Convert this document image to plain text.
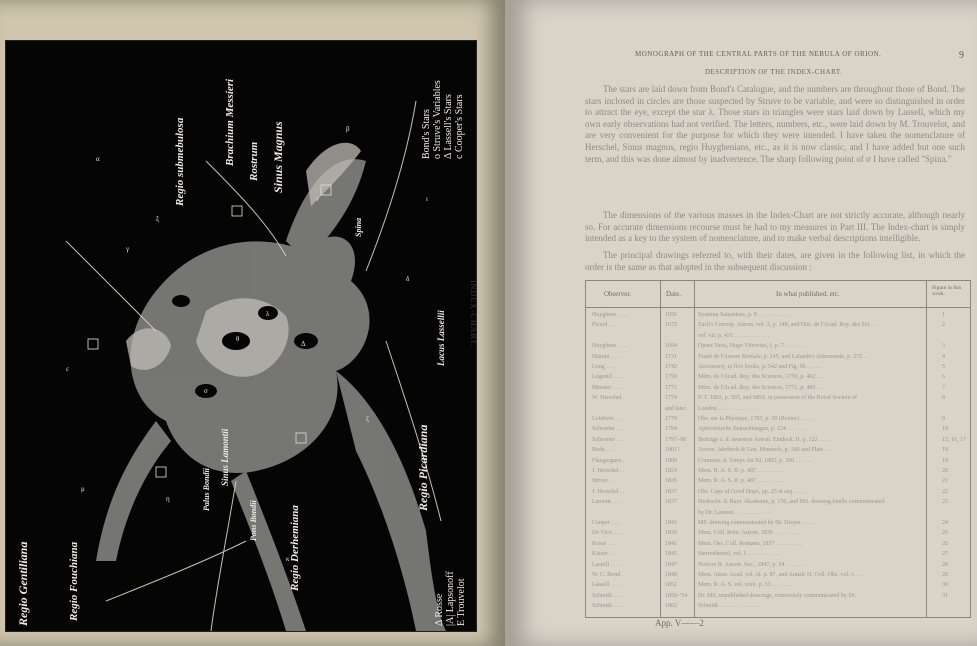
θ
λ
Δ
σ
α
β
γ
δ
ε
ζ
η
ι
κ
μ
ν
ξ
Regio Gentiliana	Regio Fouchiana
Brachium Messieri
Regio submebulosa	Sinus Magnus
Rostrum
Regio Picardiana
Regio Derhemiana
Lacus Lassellii
Sinus Lamontii
Palus Bondii
Pons Bondii
Spina
Bond's Stars o Struve's Variables Δ Lassell's Stars c Cooper's Stars
Δ Rosse |A| Lapsonoff E Trouvelot
INDEX-CHART.
MONOGRAPH OF THE CENTRAL PARTS OF THE NEBULA OF ORION.	9
DESCRIPTION OF THE INDEX-CHART.
The stars are laid down from Bond's Catalogue, and the numbers are throughout those of Bond. The stars inclosed in circles are those suspected by Struve to be variable, and were so distinguished in order to attract the eye, except the star λ. Those stars in triangles were stars laid down by Lassell, which my own early observations had not verified. The letters, numbers, etc., were laid down by M. Trouvelot, and are very convenient for the purpose for which they were intended. I have taken the nomenclature of Herschel, Sinus magnus, regio Huyghenians, etc., as it is now classic, and I have added but one such term, and this was done almost by inadvertence. The sharp following point of σ I have called "Spina."
The dimensions of the various masses in the Index-Chart are not strictly accurate, although nearly so. For accurate dimensions recourse must be had to my measures in Part III. The Index-chart is simply intended as a key to the system of nomenclature, and to make verbal descriptions intelligible.
The principal drawings referred to, with their dates, are given in the following list, in which the order is the same as that adopted in the subsequent discussion :
Observer.	Date.	In what published, etc.
Figure in this work.
Huyghens . . . .	1656	Systema Saturnium, p. 8 . . . . . . . . . . . .	1
Picard . . . .	1673	Zach's Corresp. Astron. vol. 3, p. 148, and Hist. de l'Acad. Roy. des Sci. . .	2
vol. vii. p. 431 . . . . . . . . . . . .
Huyghens . . . .	1694	Opera Varia, Hugo Vitruvius, I, p. 7 . . . . . . .	3
Mairan . . . .	1731	Traité de l'Aurore Boréale, p. 245, and Lalande's Astronomie, p. 272 . .	4
Long . . . .	1742	Astronomy, in five books, p. 542 and Fig. 96 . . . . .	5
Legentil . . . .	1758	Mém. de l'Acad. Roy. des Sciences, 1759, p. 462 . . . .	6
Messier . . . .	1771	Mém. de l'Acad. Roy. des Sciences, 1771, p. 460 . . . .	7
W. Herschel . .	1774	P. T. 1802, p. 503, and MSS. in possession of the Royal Society of	8
and later. London . . . . . . . . . . . . . .
Lefebvre . . . .	1779	Obs. sur la Physique, 1783, p. 30 (Rozier) . . . . . .	9
Schroeter . . .	1794	Aphoristische Betrachtungen, p. 124 . . . . . . .	10
Schroeter . . .	1797–98 Beiträge z. d. neuesten Astron. Entdeck. II. p. 122 . . . .	15, 16, 17
Bode . . . .	1801?	Astron. Jahrbuch & Gen. Himmels, p. 186 and Plate . . .	18
Flaugergues . .	1800	Connaiss. d. Temps An XI, 1802, p. 360 . . . . . .	19
J. Herschel . .	1824	Mem. R. A. S. II. p. 487 . . . . . . . . .	20
Struve . . . .	1826	Mem. R. A. S. II. p. 487 . . . . . . . . .	21
J. Herschel . .	1837	Obs. Cape of Good Hope, pp. 25 et seq. . . . . . .	22
Lamont . . . .	1837	Denkschr. d. Bayr. Akademie, p. 150, and MS. drawing kindly communicated	23
by Dr. Lamont . . . . . . . . . . . . .
Cooper . . . .	1841	MS. drawing communicated by Dr. Dreyer . . . . .	24
De Vico . . . .	1839	Mem. Coll. Rom. Astron. 1839 . . . . . . . . .	25
Rosse . . . .	1841	Mem. Oss. Coll. Romano, 1837 . . . . . . . . .	26
Kaiser . . . .	1845	Sterrenhemel, vol. I. . . . . . . . . . . .	27
Lassell . . . .	1847	Notices R. Astron. Soc., 1847, p. 54 . . . . . . .	28
W. C. Bond . .	1848	Mem. Amer. Acad. vol. iii. p. 87, and Annals H. Coll. Obs. vol. v. . .	29
Lassell . . . .	1852	Mem. R. A. S. vol. xxiii. p. 53 . . . . . . . .	30
Schmidt . . . .	1850–'54 Dr. MS. unpublished drawings, courteously communicated by Dr.	31
Schmidt . . . .	1862	Schmidt . . . . . . . . . . . . . . .
App. V——2
